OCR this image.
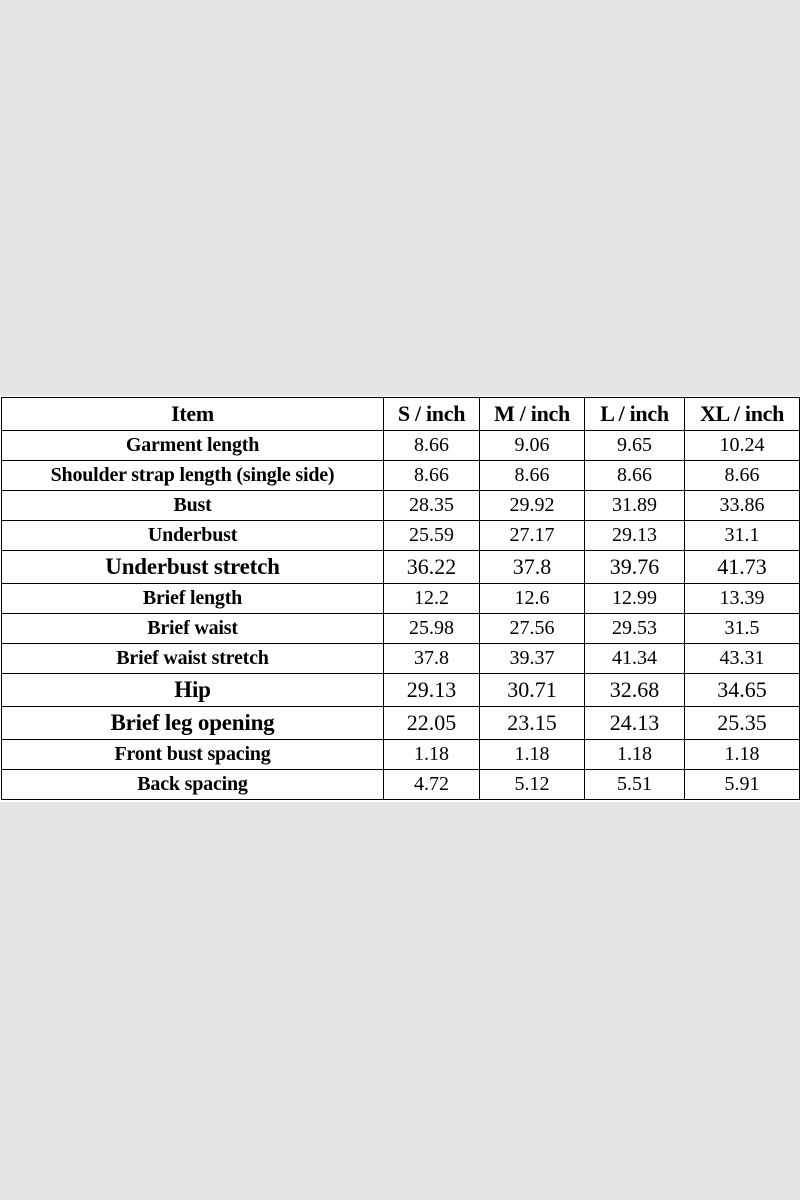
Item	S / inch	M / inch	L / inch	XL / inch
Garment length	8.66	9.06	9.65	10.24
Shoulder strap length (single side)	8.66	8.66	8.66	8.66
Bust	28.35	29.92	31.89	33.86
Underbust	25.59	27.17	29.13	31.1
Underbust stretch	36.22	37.8	39.76	41.73
Brief length	12.2	12.6	12.99	13.39
Brief waist	25.98	27.56	29.53	31.5
Brief waist stretch	37.8	39.37	41.34	43.31
Hip	29.13	30.71	32.68	34.65
Brief leg opening	22.05	23.15	24.13	25.35
Front bust spacing	1.18	1.18	1.18	1.18
Back spacing	4.72	5.12	5.51	5.91
